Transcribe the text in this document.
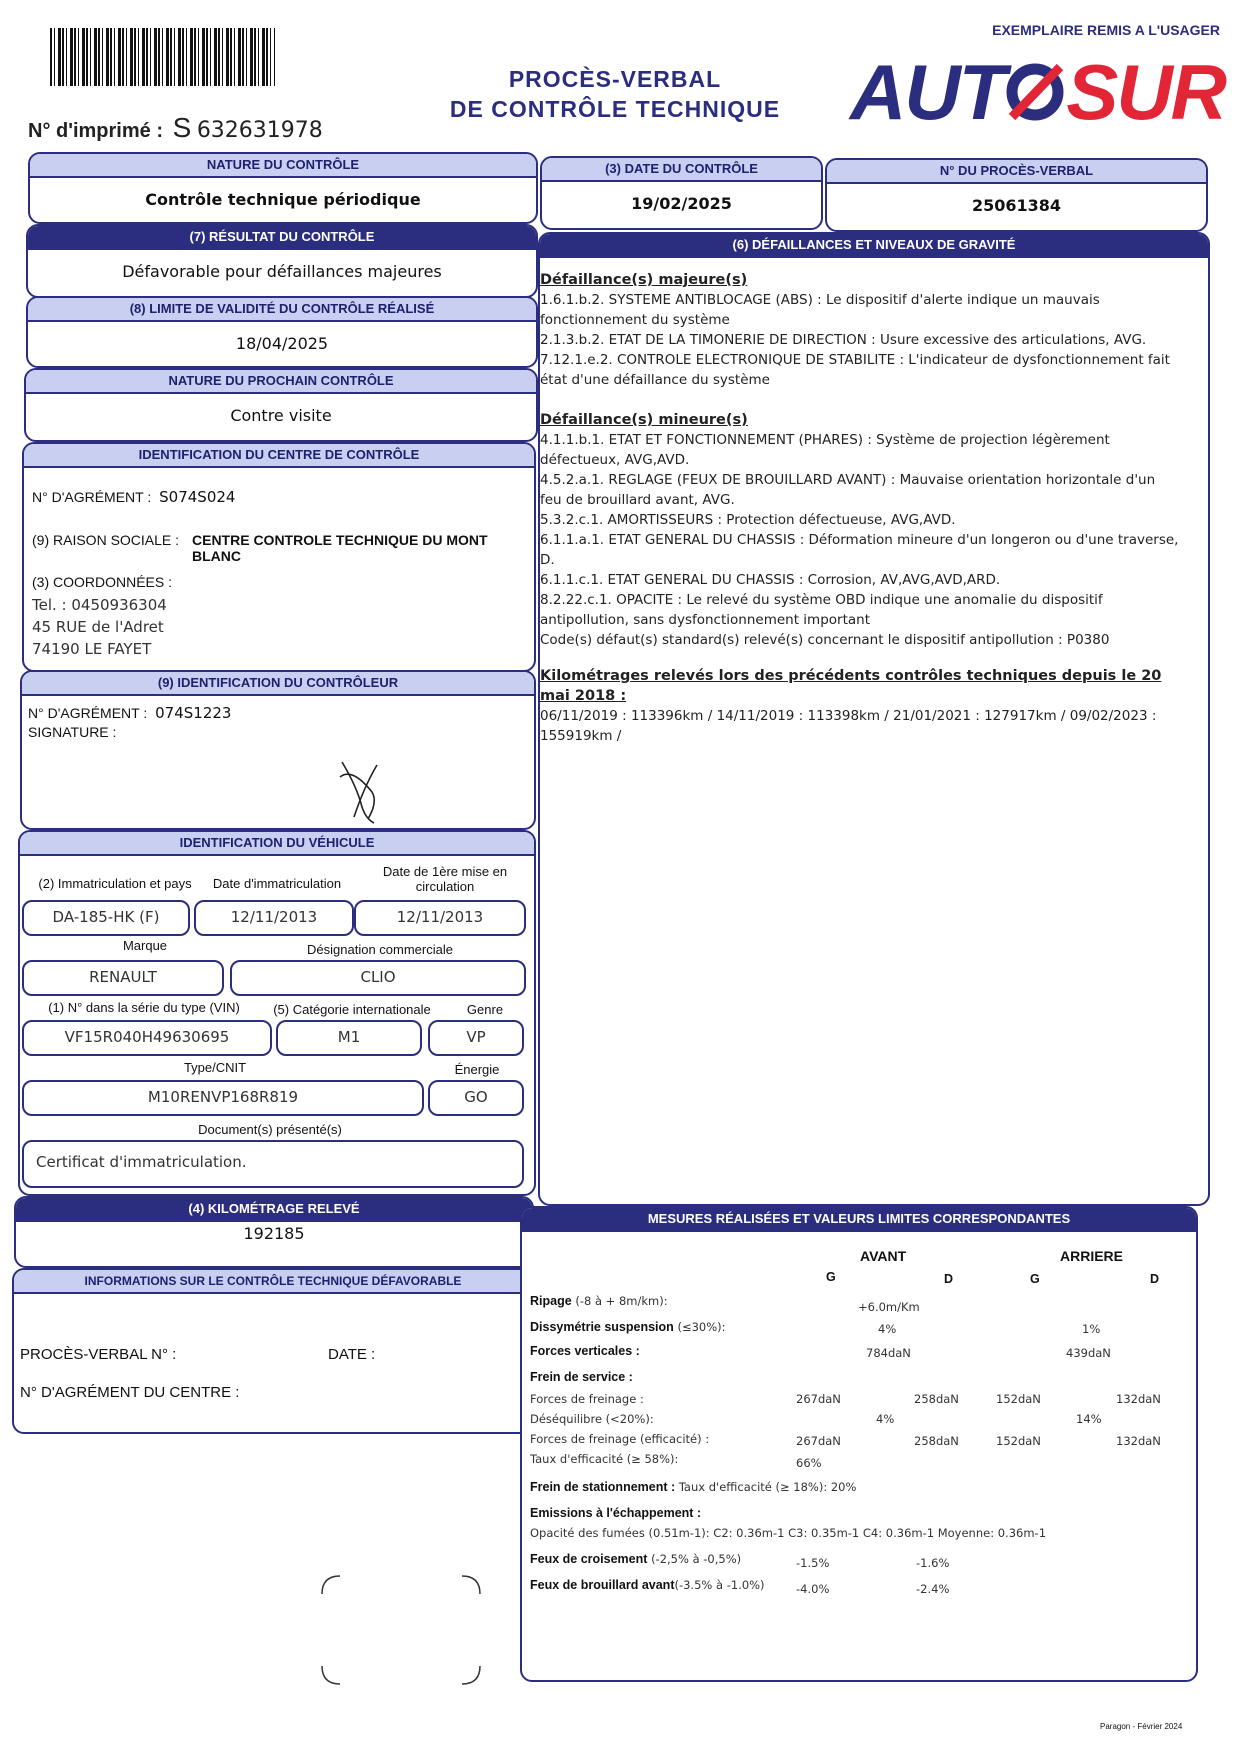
N° d'imprimé : S 632631978
PROCÈS-VERBAL
DE CONTRÔLE TECHNIQUE
EXEMPLAIRE REMIS A L'USAGER
AUT SUR
NATURE DU CONTRÔLE
Contrôle technique périodique
(3) DATE DU CONTRÔLE
19/02/2025
N° DU PROCÈS-VERBAL
25061384
(7) RÉSULTAT DU CONTRÔLE
Défavorable pour défaillances majeures
(8) LIMITE DE VALIDITÉ DU CONTRÔLE RÉALISÉ
18/04/2025
NATURE DU PROCHAIN CONTRÔLE
Contre visite
IDENTIFICATION DU CENTRE DE CONTRÔLE
N° D'AGRÉMENT : S074S024
(9) RAISON SOCIALE : CENTRE CONTROLE TECHNIQUE DU MONT BLANC
(3) COORDONNÉES :
Tel. : 0450936304
45 RUE de l'Adret
74190 LE FAYET
(9) IDENTIFICATION DU CONTRÔLEUR
N° D'AGRÉMENT : 074S1223
SIGNATURE :
IDENTIFICATION DU VÉHICULE
(2) Immatriculation et pays	Date d'immatriculation
Date de 1ère mise en circulation
DA-185-HK (F)	12/11/2013	12/11/2013
Marque	Désignation commerciale
RENAULT	CLIO
(1) N° dans la série du type (VIN)	(5) Catégorie internationale	Genre
VF15R040H49630695	M1	VP
Type/CNIT	Énergie
M10RENVP168R819	GO
Document(s) présenté(s)
Certificat d'immatriculation.
(4) KILOMÉTRAGE RELEVÉ
192185
INFORMATIONS SUR LE CONTRÔLE TECHNIQUE DÉFAVORABLE
PROCÈS-VERBAL N° :	DATE :
N° D'AGRÉMENT DU CENTRE :
(6) DÉFAILLANCES ET NIVEAUX DE GRAVITÉ

Défaillance(s) majeure(s)

1.6.1.b.2. SYSTEME ANTIBLOCAGE (ABS) : Le dispositif d'alerte indique un mauvais fonctionnement du système

2.1.3.b.2. ETAT DE LA TIMONERIE DE DIRECTION : Usure excessive des articulations, AVG.

7.12.1.e.2. CONTROLE ELECTRONIQUE DE STABILITE : L'indicateur de dysfonctionnement fait état d'une défaillance du système

Défaillance(s) mineure(s)

4.1.1.b.1. ETAT ET FONCTIONNEMENT (PHARES) : Système de projection légèrement défectueux, AVG,AVD.

4.5.2.a.1. REGLAGE (FEUX DE BROUILLARD AVANT) : Mauvaise orientation horizontale d'un feu de brouillard avant, AVG.

5.3.2.c.1. AMORTISSEURS : Protection défectueuse, AVG,AVD.

6.1.1.a.1. ETAT GENERAL DU CHASSIS : Déformation mineure d'un longeron ou d'une traverse, D.

6.1.1.c.1. ETAT GENERAL DU CHASSIS : Corrosion, AV,AVG,AVD,ARD.

8.2.22.c.1. OPACITE : Le relevé du système OBD indique une anomalie du dispositif antipollution, sans dysfonctionnement important

Code(s) défaut(s) standard(s) relevé(s) concernant le dispositif antipollution : P0380

Kilométrages relevés lors des précédents contrôles techniques depuis le 20 mai 2018 :

06/11/2019 : 113396km / 14/11/2019 : 113398km / 21/01/2021 : 127917km / 09/02/2023 : 155919km /

MESURES RÉALISÉES ET VALEURS LIMITES CORRESPONDANTES
AVANT	ARRIERE
G	D	G	D
Ripage (-8 à + 8m/km):	+6.0m/Km
Dissymétrie suspension (≤30%):	4%	1%
Forces verticales :	784daN	439daN
Frein de service :
Forces de freinage :	267daN	258daN	152daN	132daN
Déséquilibre (<20%):	4%	14%
Forces de freinage (efficacité) :	267daN	258daN	152daN	132daN
Taux d'efficacité (≥ 58%):	66%
Frein de stationnement : Taux d'efficacité (≥ 18%): 20%
Emissions à l'échappement :
Opacité des fumées (0.51m-1): C2: 0.36m-1 C3: 0.35m-1 C4: 0.36m-1 Moyenne: 0.36m-1
Feux de croisement (-2,5% à -0,5%)	-1.5%	-1.6%
Feux de brouillard avant(-3.5% à -1.0%)	-4.0%	-2.4%
Paragon - Février 2024
